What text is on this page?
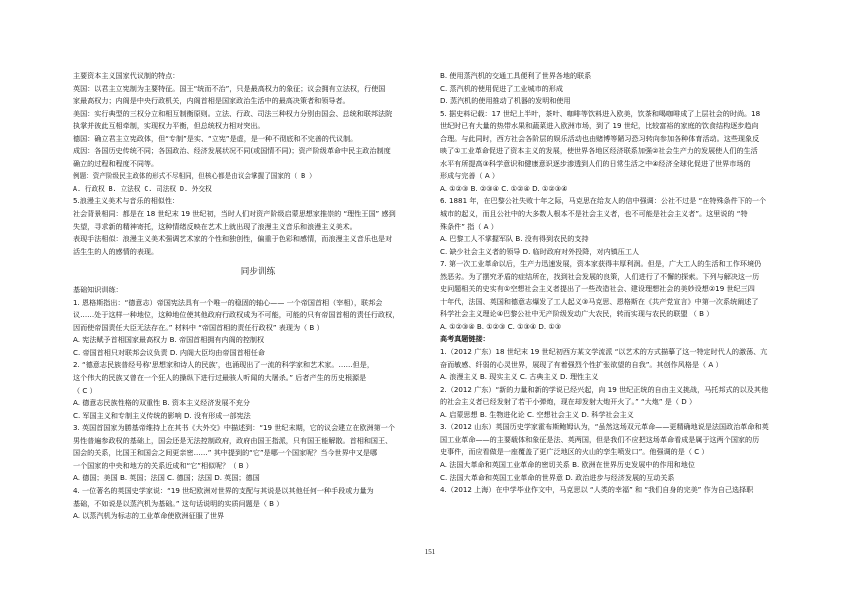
主要资本主义国家代议制的特点：
英国：以君主立宪制为主要特征。国王“统而不治”，只是最高权力的象征；议会拥有立法权，行使国
家最高权力；内阁是中央行政机关，内阁首相是国家政治生活中的最高决策者和领导者。
美国：实行典型的三权分立和相互制衡原则。立法、行政、司法三种权力分别由国会、总统和联邦法院
执掌并彼此互相牵制，实现权力平衡，但总统权力相对突出。
德国：确立君主立宪政体，但“专制”是实、“立宪”是虚，是一种不彻底和不完善的代议制。
成因：各国历史传统不同；各国政治、经济发展状况不同(或国情不同)；资产阶级革命中民主政治制度
确立的过程和程度不同等。
例题：资产阶级民主政体的形式不尽相同，但核心都是由议会掌握了国家的（ B ）
A. 行政权 B. 立法权 C. 司法权 D. 外交权
5.浪漫主义美术与音乐的相似性：
社会背景相同：都是在 18 世纪末 19 世纪初，当时人们对资产阶级启蒙思想家推崇的 “理性王国” 感到
失望，寻求新的精神寄托，这种情绪反映在艺术上就出现了浪漫主义音乐和浪漫主义美术。
表现手法相似：浪漫主义美术强调艺术家的个性和独创性，偏重于色彩和感情，而浪漫主义音乐也是对
活生生的人的感情的表现。
同步训练
基础知识训练：
1. 恩格斯指出：“德意志）帝国宪法具有一个唯一的稳固的轴心—— 一个帝国首相（宰相），联邦会
议……处于这样一种地位，这种地位使其他政府行政权成为不可能，可能的只有帝国首相的责任行政权，
因而使帝国责任大臣无法存在。” 材料中 “帝国首相的责任行政权” 表现为（ B ）
A. 宪法赋予首相国家最高权力 B. 帝国首相拥有内阁的控制权
C. 帝国首相只对联邦会议负责 D. 内阁大臣均由帝国首相任命
2. “德意志民族普经号称‘思想家和诗人的民族’，也涌现出了一流的科学家和艺术家。……但是，
这个伟大的民族又曾在一个狂人的操纵下进行过最骇人听闻的大屠杀。” 后者产生的历史根源是
（ C ）
A. 德意志民族性格的双重性 B. 资本主义经济发展不充分
C. 军国主义和专制主义传统的影响 D. 没有形成一部宪法
3. 英国首国家为勝基帝维持上在其书《大外交》中描述到：“19 世纪末期，它的议会建立在欧洲第一个
男性普遍参政权的基础上，国会还是无法控制政府，政府由国王指派，只有国王能解散。首相和国王、
国会的关系，比国王和国会之间更亲密……” 其中提到的“它”是哪一个国家呢？当今世界中又是哪
一个国家的中央和地方的关系近成和“它”相似呢？（ B ）
A. 德国；美国 B. 英国；法国 C. 德国；法国 D. 英国；德国
4. 一位著名的英国史学家说：“19 世纪欧洲对世界的支配与其说是以其他任何一种手段或力量为
基础，不如说是以蒸汽机为基础。” 这句话说明的实质问题是（ B ）
A. 以蒸汽机为标志的工业革命使欧洲征服了世界
B. 使用蒸汽机的交通工具便利了世界各地的联系
C. 蒸汽机的使用促进了工业城市的形成
D. 蒸汽机的使用推动了机器的发明和使用
5. 据史料记载：17 世纪上半叶，茶叶、咖啡等饮料进入欧美，饮茶和喝咖啡成了上层社会的时尚。18
世纪时已有大量的热带水果和蔬菜进入欧洲市场，到了 19 世纪，比较富裕的家庭的饮食结构逐步趋向
合理。与此同时，西方社会各阶层的娱乐活动也由赌博等陋习恐习转向参加各种体育活动。这些现象反
映了①工业革命促进了资本主义的发展，使世界各地区经济联系加强②社会生产力的发展使人们的生活
水平有所提高③科学意识和健康意识逐步渗透到人们的日常生活之中④经济全球化促进了世界市场的
形成与完善（ A ）
A. ①②③ B. ②③④ C. ①②④ D. ①②③④
6. 1881 年，在巴黎公社失败十年之际，马克思在给友人的信中强调：公社不过是 “在特殊条件下的一个
城市的起义，而且公社中的大多数人根本不是社会主义者，也不可能是社会主义者”。这里说的 “特
殊条件” 指（ A ）
A. 巴黎工人不掌握军队 B. 没有得到农民的支持
C. 缺少社会主义者的领导 D. 临时政府对外投降，对内镇压工人
7. 第一次工业革命以后，生产力迅速发展，资本家获得丰厚利润。但是，广大工人的生活和工作环境仍
然恶劣。为了摆究矛盾的症结所在，找到社会发展的良策，人们进行了不懈的探索。下列与解决这一历
史问题相关的史实有①空想社会主义者提出了一些改造社会、建设理想社会的美妙设想②19 世纪三四
十年代，法国、英国和德意志爆发了工人起义③马克思、恩格斯在《共产党宣言》中第一次系统阐述了
科学社会主义理论④巴黎公社中无产阶级发动广大农民，转而实现与农民的联盟 （ B ）
A. ①②③④ B. ①②③ C. ①③④ D. ①③
高考真题链接：
1.（2012 广东）18 世纪末 19 世纪初西方某文学流派 “以艺术的方式描摹了这一特定时代人的激荡、亢
奋而敏感、纤弱的心灵世界，展现了有着强烈个性扩张欲望的自我”。其创作风格是（ A ）
A. 浪漫主义 B. 现实主义 C. 古典主义 D. 理性主义
2.（2012 广东）“新的力量和新的学说已经兴起，向 19 世纪正统的自由主义挑战，马托邦式的以及其他
的社会主义者已经发射了若干小弹炮，现在却发射大炮开火了。” “大炮” 是（ D ）
A. 启蒙思想 B. 生物进化论 C. 空想社会主义 D. 科学社会主义
3.（2012 山东）英国历史学家霍布斯鲍姆认为，“虽然这场双元革命——更精确地说是法国政治革命和英
国工业革命——的主要载体和象征是法、英两国，但是我们不应把这场革命看成是属于这两个国家的历
史事件，而应看做是一座覆盖了更广泛地区的火山的孪生喷发口”。他强调的是（ C ）
A. 法国大革命和英国工业革命的密切关系 B. 欧洲在世界历史发展中的作用和地位
C. 法国大革命和英国工业革命的世界意 D. 政治进步与经济发展的互动关系
4.（2012 上海）在中学毕业作文中，马克思以 “人类的幸福” 和 “我们自身的完美” 作为自己选择职
151
